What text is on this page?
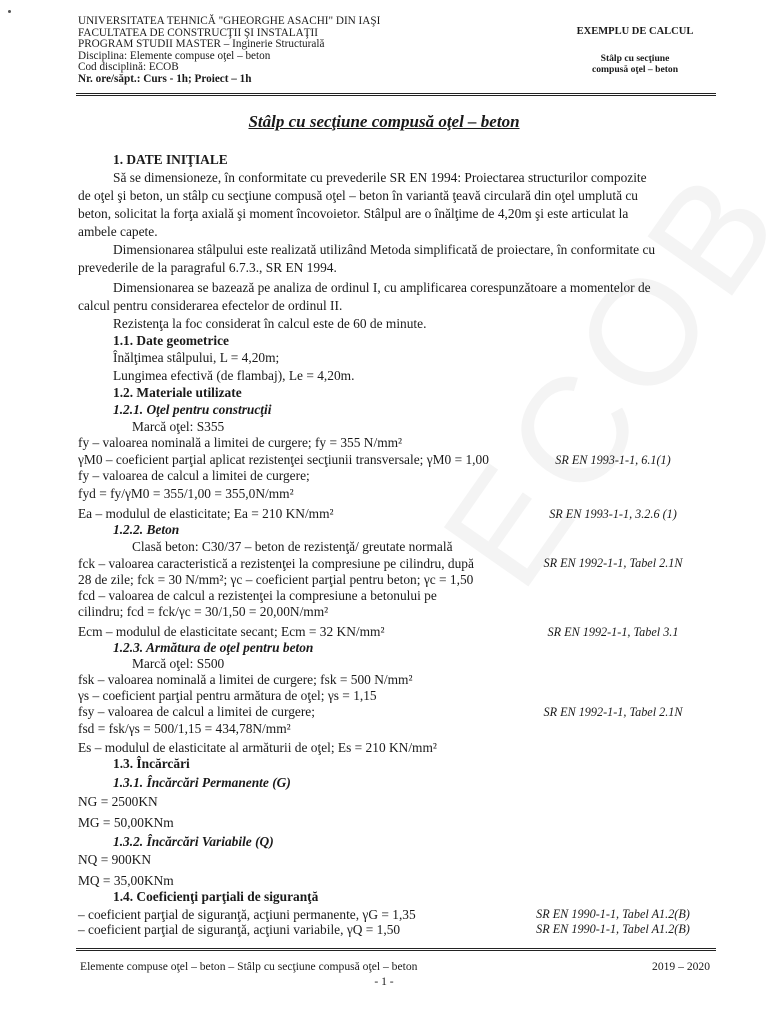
UNIVERSITATEA TEHNICĂ "GHEORGHE ASACHI" DIN IAŞI
FACULTATEA DE CONSTRUCŢII ŞI INSTALAŢII
PROGRAM STUDII MASTER – Inginerie Structurală
Disciplina: Elemente compuse oţel – beton
Cod disciplină: ECOB
Nr. ore/săpt.: Curs - 1h; Proiect – 1h
EXEMPLU DE CALCUL
Stâlp cu secţiune
compusă oţel – beton
Stâlp cu secţiune compusă oţel – beton
1. DATE INIŢIALE
Să se dimensioneze, în conformitate cu prevederile SR EN 1994: Proiectarea structurilor compozite
de oţel şi beton, un stâlp cu secţiune compusă oţel – beton în variantă ţeavă circulară din oţel umplută cu
beton, solicitat la forţa axială şi moment încovoietor. Stâlpul are o înălţime de 4,20m şi este articulat la
ambele capete.
Dimensionarea stâlpului este realizată utilizând Metoda simplificată de proiectare, în conformitate cu
prevederile de la paragraful 6.7.3., SR EN 1994.
Dimensionarea se bazează pe analiza de ordinul I, cu amplificarea corespunzătoare a momentelor de
calcul pentru considerarea efectelor de ordinul II.
Rezistenţa la foc considerat în calcul este de 60 de minute.
1.1. Date geometrice
Înălţimea stâlpului, L = 4,20m;
Lungimea efectivă (de flambaj), Le = 4,20m.
1.2. Materiale utilizate
1.2.1. Oţel pentru construcţii
Marcă oţel: S355
fy – valoarea nominală a limitei de curgere; fy = 355 N/mm²
γM0 – coeficient parţial aplicat rezistenţei secţiunii transversale; γM0 = 1,00	SR EN 1993-1-1, 6.1(1)
fy – valoarea de calcul a limitei de curgere;
fyd = fy/γM0 = 355/1,00 = 355,0N/mm²
Ea – modulul de elasticitate; Ea = 210 KN/mm²	SR EN 1993-1-1, 3.2.6 (1)
1.2.2. Beton
Clasă beton: C30/37 – beton de rezistenţă/ greutate normală
fck – valoarea caracteristică a rezistenţei la compresiune pe cilindru, după	SR EN 1992-1-1, Tabel 2.1N
28 de zile; fck = 30 N/mm²; γc – coeficient parţial pentru beton; γc = 1,50
fcd – valoarea de calcul a rezistenţei la compresiune a betonului pe
cilindru; fcd = fck/γc = 30/1,50 = 20,00N/mm²
Ecm – modulul de elasticitate secant; Ecm = 32 KN/mm²	SR EN 1992-1-1, Tabel 3.1
1.2.3. Armătura de oţel pentru beton
Marcă oţel: S500
fsk – valoarea nominală a limitei de curgere; fsk = 500 N/mm²
γs – coeficient parţial pentru armătura de oţel; γs = 1,15
fsy – valoarea de calcul a limitei de curgere;	SR EN 1992-1-1, Tabel 2.1N
fsd = fsk/γs = 500/1,15 = 434,78N/mm²
Es – modulul de elasticitate al armăturii de oţel; Es = 210 KN/mm²
1.3. Încărcări
1.3.1. Încărcări Permanente (G)
NG = 2500KN
MG = 50,00KNm
1.3.2. Încărcări Variabile (Q)
NQ = 900KN
MQ = 35,00KNm
1.4. Coeficienţi parţiali de siguranţă
– coeficient parţial de siguranţă, acţiuni permanente, γG = 1,35	SR EN 1990-1-1, Tabel A1.2(B)
– coeficient parţial de siguranţă, acţiuni variabile, γQ = 1,50	SR EN 1990-1-1, Tabel A1.2(B)
Elemente compuse oţel – beton – Stâlp cu secţiune compusă oţel – beton	2019 – 2020
- 1 -
